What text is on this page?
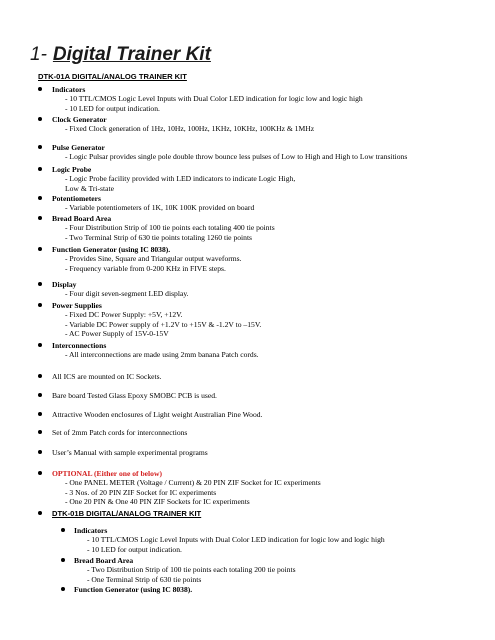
1- Digital Trainer Kit
DTK-01A DIGITAL/ANALOG TRAINER KIT
Indicators
- 10 TTL/CMOS Logic Level Inputs with Dual Color LED indication for logic low and logic high
- 10 LED for output indication.
Clock Generator
- Fixed Clock generation of 1Hz, 10Hz, 100Hz, 1KHz, 10KHz, 100KHz & 1MHz
Pulse Generator
- Logic Pulsar provides single pole double throw bounce less pulses of Low to High and High to Low transitions
Logic Probe
- Logic Probe facility provided with LED indicators to indicate Logic High,
Low & Tri-state
Potentiometers
- Variable potentiometers of 1K, 10K 100K provided on board
Bread Board Area
- Four Distribution Strip of 100 tie points each totaling 400 tie points
- Two Terminal Strip of 630 tie points totaling 1260 tie points
Function Generator (using IC 8038).
- Provides Sine, Square and Triangular output waveforms.
- Frequency variable from 0-200 KHz in FIVE steps.
Display
- Four digit seven-segment LED display.
Power Supplies
- Fixed DC Power Supply: +5V, +12V.
- Variable DC Power supply of +1.2V to +15V & -1.2V to –15V.
- AC Power Supply of 15V-0-15V
Interconnections
- All interconnections are made using 2mm banana Patch cords.
All ICS are mounted on IC Sockets.
Bare board Tested Glass Epoxy SMOBC PCB is used.
Attractive Wooden enclosures of Light weight Australian Pine Wood.
Set of 2mm Patch cords for interconnections
User’s Manual with sample experimental programs
OPTIONAL (Either one of below)
- One PANEL METER (Voltage / Current) & 20 PIN ZIF Socket for IC experiments
- 3 Nos. of 20 PIN ZIF Socket for IC experiments
- One 20 PIN & One 40 PIN ZIF Sockets for IC experiments
DTK-01B DIGITAL/ANALOG TRAINER KIT
Indicators
- 10 TTL/CMOS Logic Level Inputs with Dual Color LED indication for logic low and logic high
- 10 LED for output indication.
Bread Board Area
- Two Distribution Strip of 100 tie points each totaling 200 tie points
- One Terminal Strip of 630 tie points
Function Generator (using IC 8038).
